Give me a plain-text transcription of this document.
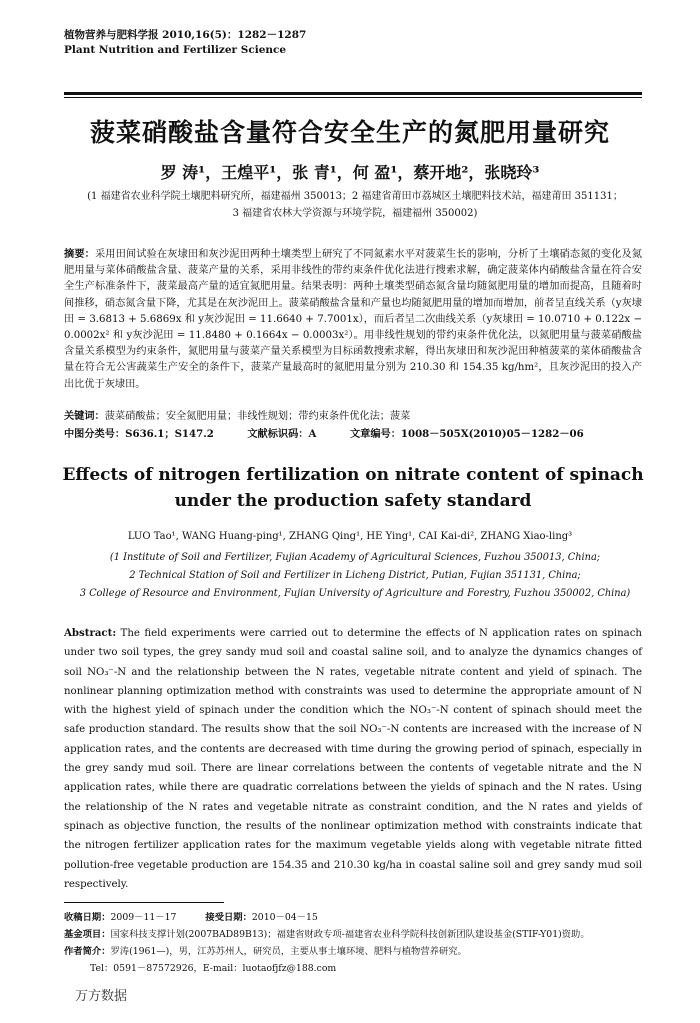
植物营养与肥料学报 2010,16(5)：1282－1287
Plant Nutrition and Fertilizer Science
菠菜硝酸盐含量符合安全生产的氮肥用量研究
罗 涛¹，王煌平¹，张 青¹，何 盈¹，蔡开地²，张晓玲³
(1 福建省农业科学院土壤肥料研究所，福建福州 350013；2 福建省莆田市荔城区土壤肥料技术站，福建莆田 351131；
3 福建省农林大学资源与环境学院，福建福州 350002)
摘要：采用田间试验在灰埭田和灰沙泥田两种土壤类型上研究了不同氮素水平对菠菜生长的影响，分析了土壤硝态氮的变化及氮肥用量与菜体硝酸盐含量、菠菜产量的关系，采用非线性的带约束条件优化法进行搜索求解，确定菠菜体内硝酸盐含量在符合安全生产标准条件下，菠菜最高产量的适宜氮肥用量。结果表明：两种土壤类型硝态氮含量均随氮肥用量的增加而提高，且随着时间推移，硝态氮含量下降，尤其是在灰沙泥田上。菠菜硝酸盐含量和产量也均随氮肥用量的增加而增加，前者呈直线关系（y灰埭田 = 3.6813 + 5.6869x 和 y灰沙泥田 = 11.6640 + 7.7001x），而后者呈二次曲线关系（y灰埭田 = 10.0710 + 0.122x − 0.0002x² 和 y灰沙泥田 = 11.8480 + 0.1664x − 0.0003x²）。用非线性规划的带约束条件优化法，以氮肥用量与菠菜硝酸盐含量关系模型为约束条件，氮肥用量与菠菜产量关系模型为目标函数搜索求解，得出灰埭田和灰沙泥田种植菠菜的菜体硝酸盐含量在符合无公害蔬菜生产安全的条件下，菠菜产量最高时的氮肥用量分别为 210.30 和 154.35 kg/hm²，且灰沙泥田的投入产出比优于灰埭田。
关键词：菠菜硝酸盐；安全氮肥用量；非线性规划；带约束条件优化法；菠菜
中图分类号：S636.1；S147.2	文献标识码：A	文章编号：1008－505X(2010)05－1282－06
Effects of nitrogen fertilization on nitrate content of spinach under the production safety standard
LUO Tao¹, WANG Huang-ping¹, ZHANG Qing¹, HE Ying¹, CAI Kai-di², ZHANG Xiao-ling³
(1 Institute of Soil and Fertilizer, Fujian Academy of Agricultural Sciences, Fuzhou 350013, China;
2 Technical Station of Soil and Fertilizer in Licheng District, Putian, Fujian 351131, China;
3 College of Resource and Environment, Fujian University of Agriculture and Forestry, Fuzhou 350002, China)
Abstract: The field experiments were carried out to determine the effects of N application rates on spinach under two soil types, the grey sandy mud soil and coastal saline soil, and to analyze the dynamics changes of soil NO₃⁻-N and the relationship between the N rates, vegetable nitrate content and yield of spinach. The nonlinear planning optimization method with constraints was used to determine the appropriate amount of N with the highest yield of spinach under the condition which the NO₃⁻-N content of spinach should meet the safe production standard. The results show that the soil NO₃⁻-N contents are increased with the increase of N application rates, and the contents are decreased with time during the growing period of spinach, especially in the grey sandy mud soil. There are linear correlations between the contents of vegetable nitrate and the N application rates, while there are quadratic correlations between the yields of spinach and the N rates. Using the relationship of the N rates and vegetable nitrate as constraint condition, and the N rates and yields of spinach as objective function, the results of the nonlinear optimization method with constraints indicate that the nitrogen fertilizer application rates for the maximum vegetable yields along with vegetable nitrate fitted pollution-free vegetable production are 154.35 and 210.30 kg/ha in coastal saline soil and grey sandy mud soil respectively.
收稿日期：2009－11－17	接受日期：2010－04－15
基金项目：国家科技支撑计划(2007BAD89B13)；福建省财政专项-福建省农业科学院科技创新团队建设基金(STIF-Y01)资助。
作者简介：罗涛(1961—)，男，江苏苏州人，研究员，主要从事土壤环境、肥料与植物营养研究。
Tel：0591－87572926，E-mail：luotaofjfz@188.com
万方数据
